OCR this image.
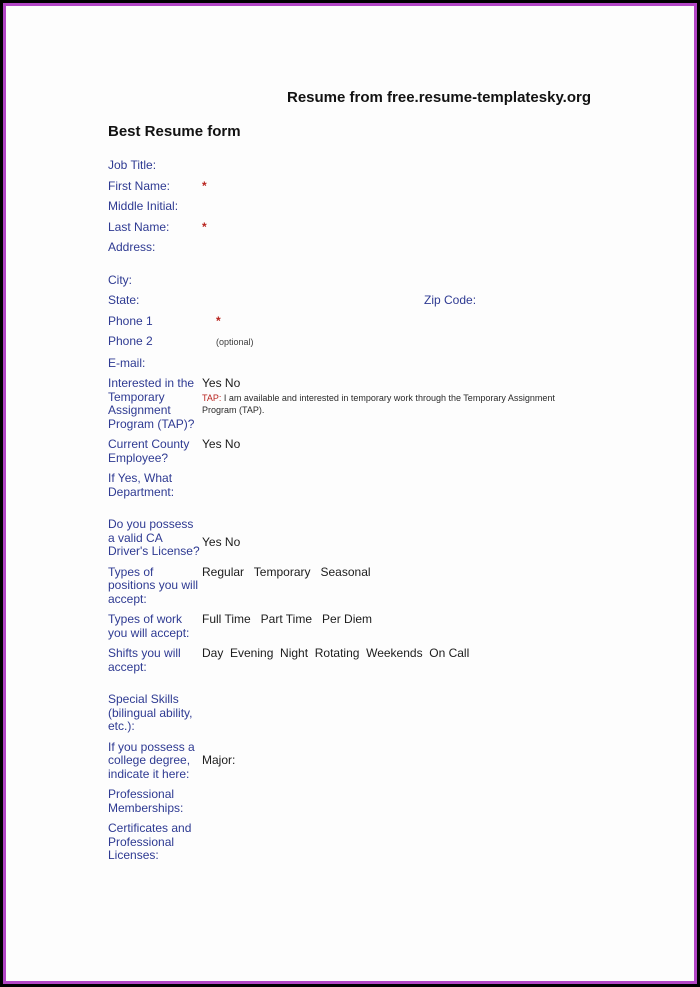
Resume from free.resume-templatesky.org
Best Resume form
Job Title:
First Name:	*
Middle Initial:
Last Name:	*
Address:
City:
State:	Zip Code:
Phone 1	*
Phone 2	(optional)
E-mail:
Interested in the Temporary Assignment Program (TAP)?
Yes No
TAP: I am available and interested in temporary work through the Temporary Assignment Program (TAP).
Current County Employee?
Yes No
If Yes, What Department:
Do you possess a valid CA Driver's License?
Yes No
Types of positions you will accept:
Regular   Temporary   Seasonal
Types of work you will accept:
Full Time   Part Time   Per Diem
Shifts you will accept:
Day  Evening  Night  Rotating  Weekends  On Call
Special Skills (bilingual ability, etc.):
If you possess a college degree, indicate it here:
Major:
Professional Memberships:
Certificates and Professional Licenses:
